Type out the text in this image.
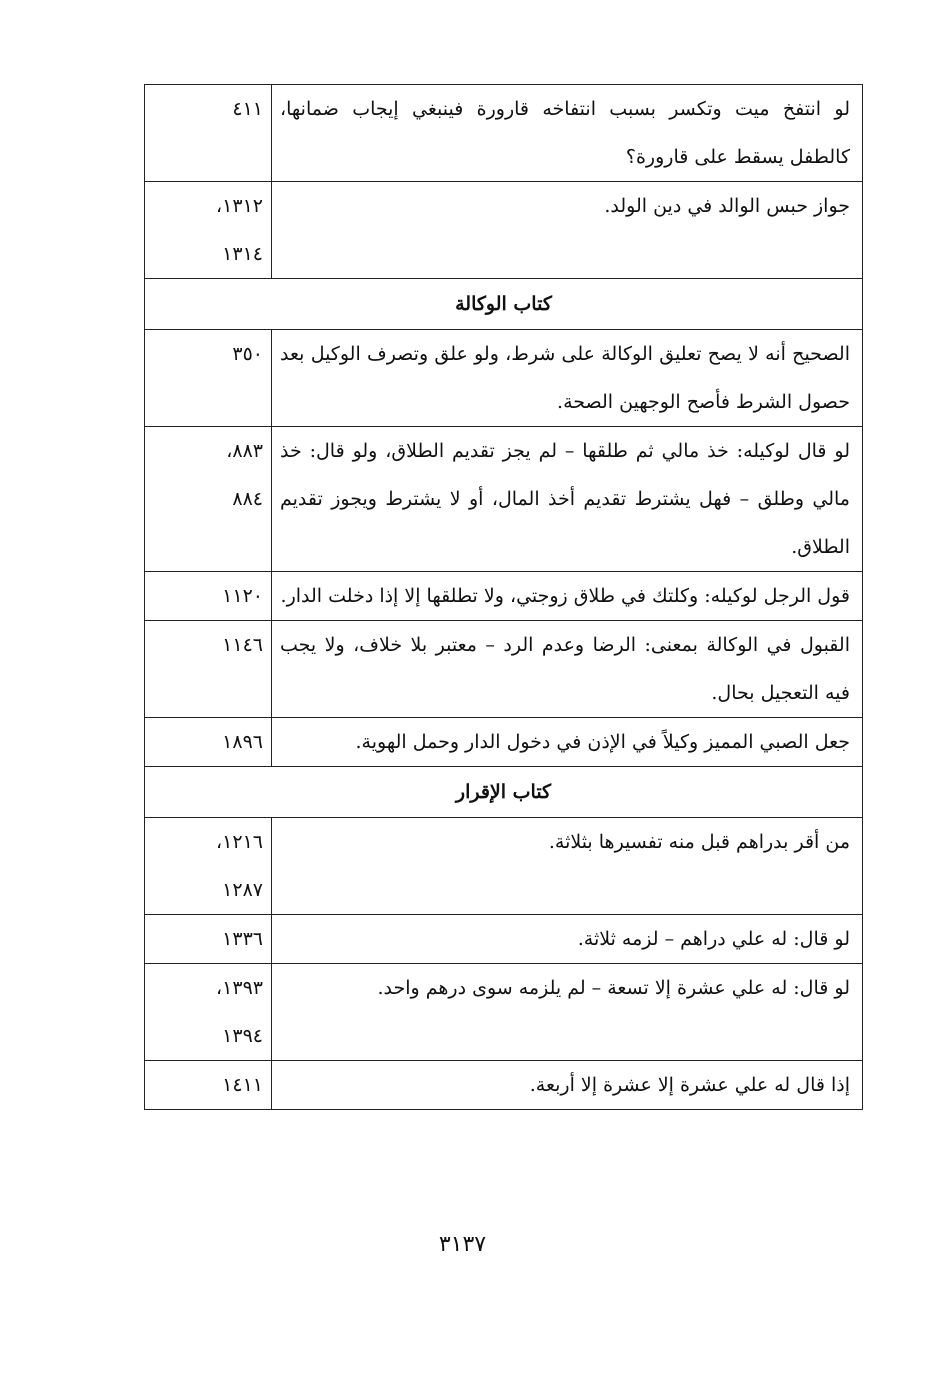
لو انتفخ ميت وتكسر بسبب انتفاخه قارورة فينبغي إيجاب ضمانها، كالطفل يسقط على قارورة؟	٤١١
جواز حبس الوالد في دين الولد.	١٣١٢،
١٣١٤
كتاب الوكالة	
الصحيح أنه لا يصح تعليق الوكالة على شرط، ولو علق وتصرف الوكيل بعد حصول الشرط فأصح الوجهين الصحة.	٣٥٠
لو قال لوكيله: خذ مالي ثم طلقها – لم يجز تقديم الطلاق، ولو قال: خذ مالي وطلق – فهل يشترط تقديم أخذ المال، أو لا يشترط ويجوز تقديم الطلاق.	٨٨٣،
٨٨٤
قول الرجل لوكيله: وكلتك في طلاق زوجتي، ولا تطلقها إلا إذا دخلت الدار.	١١٢٠
القبول في الوكالة بمعنى: الرضا وعدم الرد – معتبر بلا خلاف، ولا يجب فيه التعجيل بحال.	١١٤٦
جعل الصبي المميز وكيلاً في الإذن في دخول الدار وحمل الهوية.	١٨٩٦
كتاب الإقرار	
من أقر بدراهم قبل منه تفسيرها بثلاثة.	١٢١٦،
١٢٨٧
لو قال: له علي دراهم – لزمه ثلاثة.	١٣٣٦
لو قال: له علي عشرة إلا تسعة – لم يلزمه سوى درهم واحد.	١٣٩٣،
١٣٩٤
إذا قال له علي عشرة إلا عشرة إلا أربعة.	١٤١١
٣١٣٧
